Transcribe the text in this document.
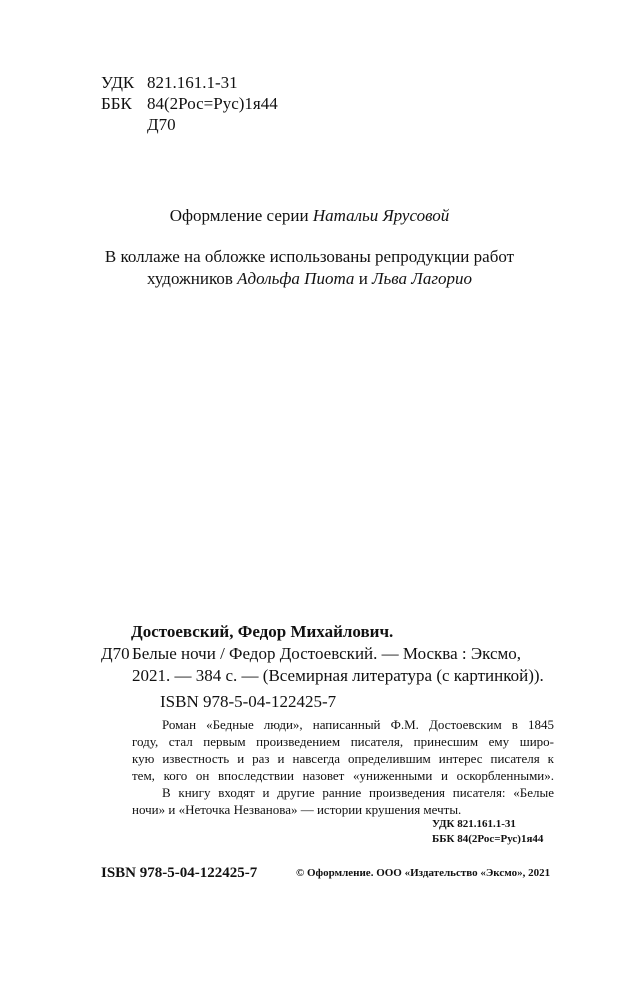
УДК 821.161.1-31
ББК 84(2Рос=Рус)1я44
Д70
Оформление серии Натальи Ярусовой
В коллаже на обложке использованы репродукции работ
художников Адольфа Пиота и Льва Лагорио
Достоевский, Федор Михайлович.
Д70 Белые ночи / Федор Достоевский. — Москва : Эксмо,
2021. — 384 с. — (Всемирная литература (с картинкой)).
ISBN 978-5-04-122425-7
Роман «Бедные люди», написанный Ф.М. Достоевским в 1845
году, стал первым произведением писателя, принесшим ему широ-
кую известность и раз и навсегда определившим интерес писателя к
тем, кого он впоследствии назовет «униженными и оскорбленными».
В книгу входят и другие ранние произведения писателя: «Белые
ночи» и «Неточка Незванова» — истории крушения мечты.
УДК 821.161.1-31
ББК 84(2Рос=Рус)1я44
ISBN 978-5-04-122425-7	© Оформление. ООО «Издательство «Эксмо», 2021
